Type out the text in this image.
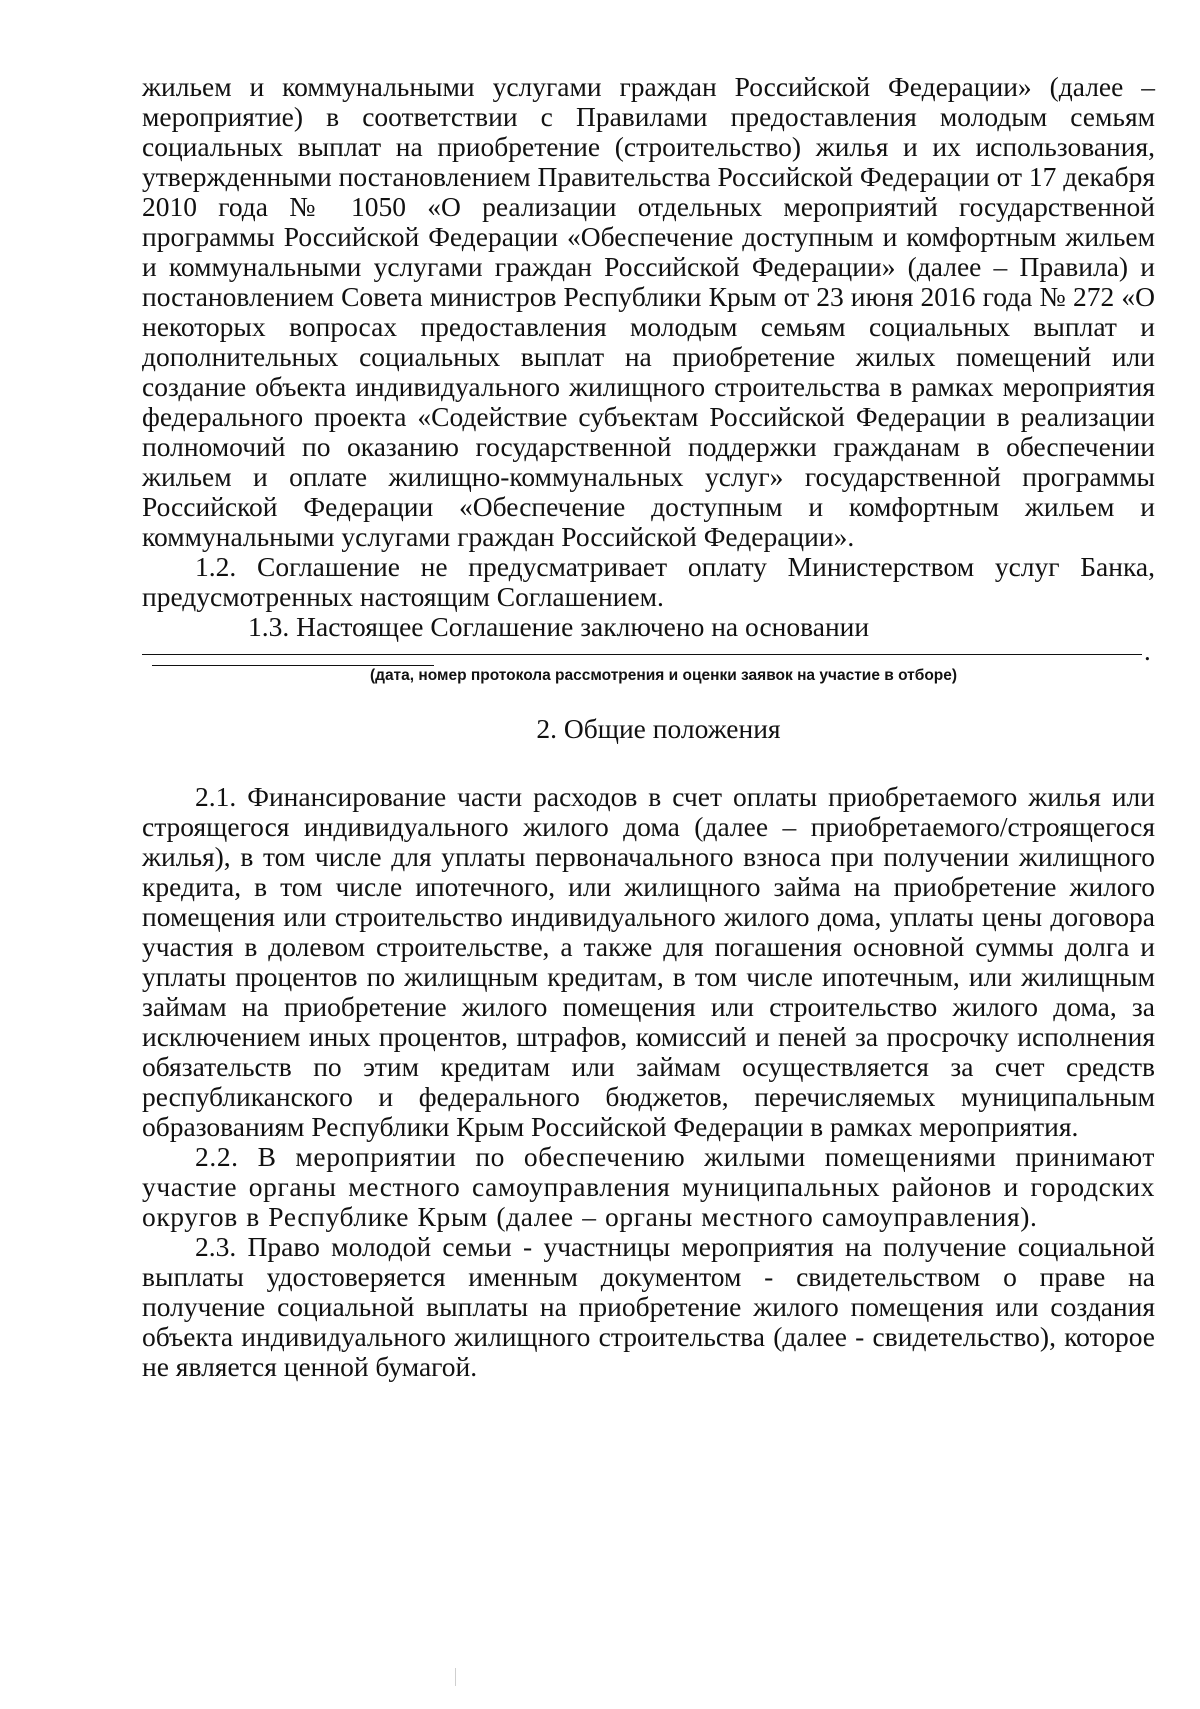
жильем и коммунальными услугами граждан Российской Федерации» (далее – мероприятие) в соответствии с Правилами предоставления молодым семьям социальных выплат на приобретение (строительство) жилья и их использования, утвержденными постановлением Правительства Российской Федерации от 17 декабря 2010 года № 1050 «О реализации отдельных мероприятий государственной программы Российской Федерации «Обеспечение доступным и комфортным жильем и коммунальными услугами граждан Российской Федерации» (далее – Правила) и постановлением Совета министров Республики Крым от 23 июня 2016 года № 272 «О некоторых вопросах предоставления молодым семьям социальных выплат и дополнительных социальных выплат на приобретение жилых помещений или создание объекта индивидуального жилищного строительства в рамках мероприятия федерального проекта «Содействие субъектам Российской Федерации в реализации полномочий по оказанию государственной поддержки гражданам в обеспечении жильем и оплате жилищно-коммунальных услуг» государственной программы Российской Федерации «Обеспечение доступным и комфортным жильем и коммунальными услугами граждан Российской Федерации».

1.2. Соглашение не предусматривает оплату Министерством услуг Банка, предусмотренных настоящим Соглашением.

1.3. Настоящее Соглашение заключено на основании
.

(дата, номер протокола рассмотрения и оценки заявок на участие в отборе)

2. Общие положения

2.1. Финансирование части расходов в счет оплаты приобретаемого жилья или строящегося индивидуального жилого дома (далее – приобретаемого/строящегося жилья), в том числе для уплаты первоначального взноса при получении жилищного кредита, в том числе ипотечного, или жилищного займа на приобретение жилого помещения или строительство индивидуального жилого дома, уплаты цены договора участия в долевом строительстве, а также для погашения основной суммы долга и уплаты процентов по жилищным кредитам, в том числе ипотечным, или жилищным займам на приобретение жилого помещения или строительство жилого дома, за исключением иных процентов, штрафов, комиссий и пеней за просрочку исполнения обязательств по этим кредитам или займам осуществляется за счет средств республиканского и федерального бюджетов, перечисляемых муниципальным образованиям Республики Крым Российской Федерации в рамках мероприятия.

2.2. В мероприятии по обеспечению жилыми помещениями принимают участие органы местного самоуправления муниципальных районов и городских округов в Республике Крым (далее – органы местного самоуправления).

2.3. Право молодой семьи - участницы мероприятия на получение социальной выплаты удостоверяется именным документом - свидетельством о праве на получение социальной выплаты на приобретение жилого помещения или создания объекта индивидуального жилищного строительства (далее - свидетельство), которое не является ценной бумагой.
